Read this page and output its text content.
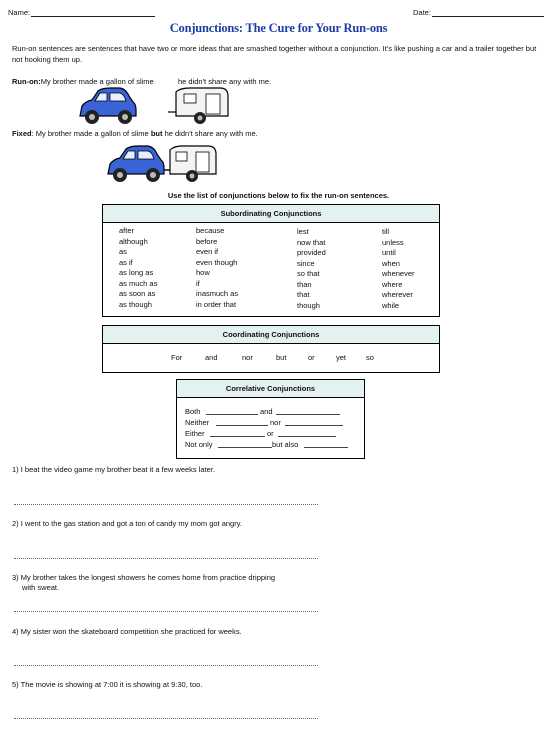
Name:	Date:
Conjunctions: The Cure for Your Run-ons
Run-on sentences are sentences that have two or more ideas that are smashed together without a conjunction. It's like pushing a car and a trailer together but not hooking them up.
Run-on:My brother made a gallon of slime	he didn't share any with me.
Fixed: My brother made a gallon of slime but he didn't share any with me.
Use the list of conjunctions below to fix the run-on sentences.
Subordinating Conjunctions
after
although
as
as if
as long as
as much as
as soon as
as though
because
before
even if
even though
how
if
inasmuch as
in order that
lest
now that
provided
since
so that
than
that
though
till
unless
until
when
whenever
where
wherever
while
Coordinating Conjunctions
For	and	nor	but	or	yet	so
Correlative Conjunctions
Both	and
Neither	nor
Either	or
Not only	but also
1) I beat the video game my brother beat it a few weeks later.
2) I went to the gas station and got a ton of candy my mom got angry.
3) My brother takes the longest showers he comes home from practice dripping
with sweat.
4) My sister won the skateboard competition she practiced for weeks.
5) The movie is showing at 7:00 it is showing at 9:30, too.
